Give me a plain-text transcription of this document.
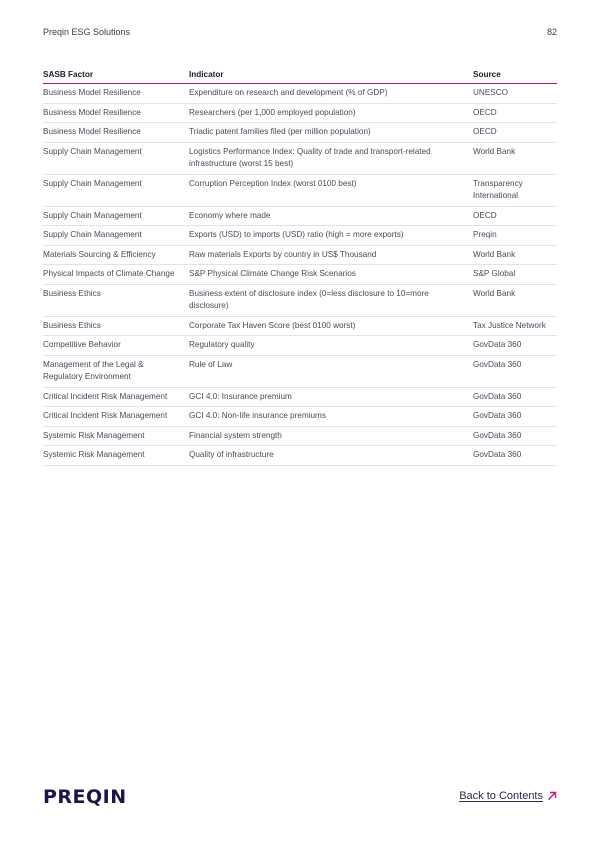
Preqin ESG Solutions	82
SASB Factor	Indicator	Source
Business Model Resilience	Expenditure on research and development (% of GDP)	UNESCO
Business Model Resilience	Researchers (per 1,000 employed population)	OECD
Business Model Resilience	Triadic patent families filed (per million population)	OECD
Supply Chain Management	Logistics Performance Index: Quality of trade and transport-related infrastructure (worst 15 best)	World Bank
Supply Chain Management	Corruption Perception Index (worst 0100 best)	Transparency International
Supply Chain Management	Economy where made	OECD
Supply Chain Management	Exports (USD) to imports (USD) ratio (high = more exports)	Preqin
Materials Sourcing & Efficiency	Raw materials Exports by country in US$ Thousand	World Bank
Physical Impacts of Climate Change	S&P Physical Climate Change Risk Scenarios	S&P Global
Business Ethics	Business extent of disclosure index (0=less disclosure to 10=more disclosure)	World Bank
Business Ethics	Corporate Tax Haven Score (best 0100 worst)	Tax Justice Network
Competitive Behavior	Regulatory quality	GovData 360
Management of the Legal & Regulatory Environment	Rule of Law	GovData 360
Critical Incident Risk Management	GCI 4.0: Insurance premium	GovData 360
Critical Incident Risk Management	GCI 4.0: Non-life insurance premiums	GovData 360
Systemic Risk Management	Financial system strength	GovData 360
Systemic Risk Management	Quality of infrastructure	GovData 360
PREQIN	Back to Contents
